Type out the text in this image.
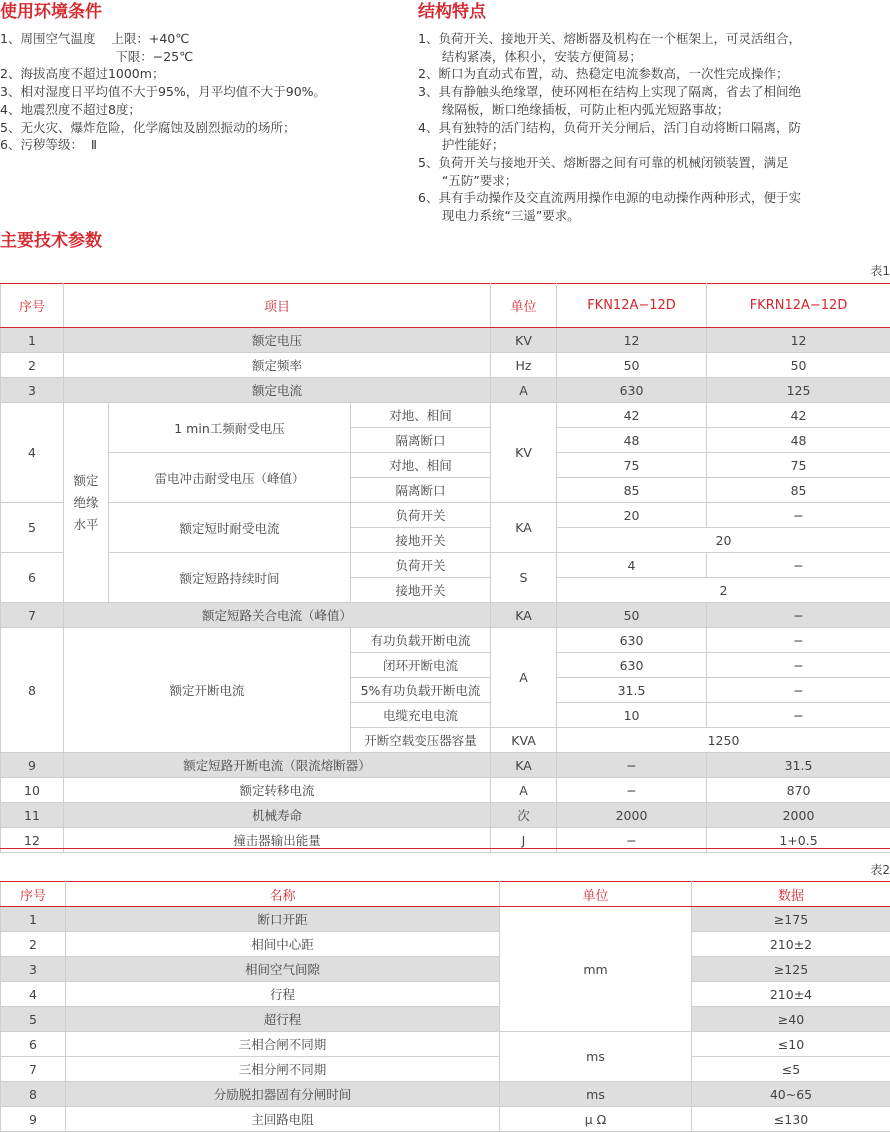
使用环境条件	结构特点
1、周围空气温度    上限：+40℃
下限：−25℃
2、海拔高度不超过1000m；
3、相对湿度日平均值不大于95%，月平均值不大于90%。
4、地震烈度不超过8度；
5、无火灾、爆炸危险，化学腐蚀及剧烈振动的场所；
6、污秽等级：  Ⅱ
1、负荷开关、接地开关、熔断器及机构在一个框架上，可灵活组合，
结构紧凑，体积小，安装方便简易；
2、断口为直动式布置，动、热稳定电流参数高，一次性完成操作；
3、具有静触头绝缘罩，使环网柜在结构上实现了隔离，省去了相间绝
缘隔板，断口绝缘插板，可防止柜内弧光短路事故；
4、具有独特的活门结构，负荷开关分闸后，活门自动将断口隔离，防
护性能好；
5、负荷开关与接地开关、熔断器之间有可靠的机械闭锁装置，满足
“五防”要求；
6、具有手动操作及交直流两用操作电源的电动操作两种形式，便于实
现电力系统“三遥”要求。
主要技术参数
表1
序号	项目			单位	FKN12A−12D	FKRN12A−12D
1	额定电压			KV	12	12
2	额定频率			Hz	50	50
3	额定电流			A	630	125
4	额定绝缘水平	1 min工频耐受电压	对地、相间	KV	42	42
			隔离断口		48	48
		雷电冲击耐受电压（峰值）	对地、相间		75	75
			隔离断口		85	85
5		额定短时耐受电流	负荷开关	KA	20	−
			接地开关		20	
6		额定短路持续时间	负荷开关	S	4	−
			接地开关		2	
7	额定短路关合电流（峰值）			KA	50	−
8	额定开断电流		有功负载开断电流	A	630	−
			闭环开断电流		630	−
			5%有功负载开断电流		31.5	−
			电缆充电电流		10	−
			开断空载变压器容量	KVA	1250	
9	额定短路开断电流（限流熔断器）			KA	−	31.5
10	额定转移电流			A	−	870
11	机械寿命			次	2000	2000
12	撞击器输出能量			J	−	1+0.5
表2
序号	名称	单位	数据
1	断口开距	mm	≥175
2	相间中心距		210±2
3	相间空气间隙		≥125
4	行程		210±4
5	超行程		≥40
6	三相合闸不同期	ms	≤10
7	三相分闸不同期		≤5
8	分励脱扣器固有分闸时间	ms	40~65
9	主回路电阻	μ Ω	≤130
